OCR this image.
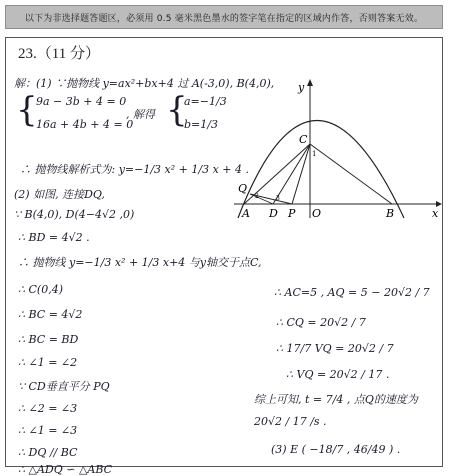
以下为非选择题答题区，必须用 0.5 毫米黑色墨水的签字笔在指定的区域内作答，否则答案无效。
23.（11 分）
解：(1) ∵抛物线 y=ax²+bx+4 过 A(-3,0), B(4,0),
{
9a − 3b + 4 = 0
16a + 4b + 4 = 0
, 解得 {
a=−1/3
b=1/3
∴ 抛物线解析式为: y=−1/3 x² + 1/3 x + 4 .
(2) 如图, 连接DQ,
∵ B(4,0), D(4−4√2 ,0)
∴ BD = 4√2 .
∴ 抛物线 y=−1/3 x² + 1/3 x+4 与y轴交于点C,
∴ C(0,4)
∴ BC = 4√2
∴ BC = BD
∴ ∠1 = ∠2
∵ CD垂直平分 PQ
∴ ∠2 = ∠3
∴ ∠1 = ∠3
∴ DQ // BC
∴ △ADQ ∽ △ABC
∴ AC=5 , AQ = 5 − 20√2 / 7
∴ CQ = 20√2 / 7
∴ 17/7 VQ = 20√2 / 7
∴ VQ = 20√2 / 17 .
综上可知, t = 7/4 , 点Q的速度为
20√2 / 17 /s .
(3) E ( −18/7 , 46/49 ) .
y
x
C
1
Q
2	3
A D P O	B
